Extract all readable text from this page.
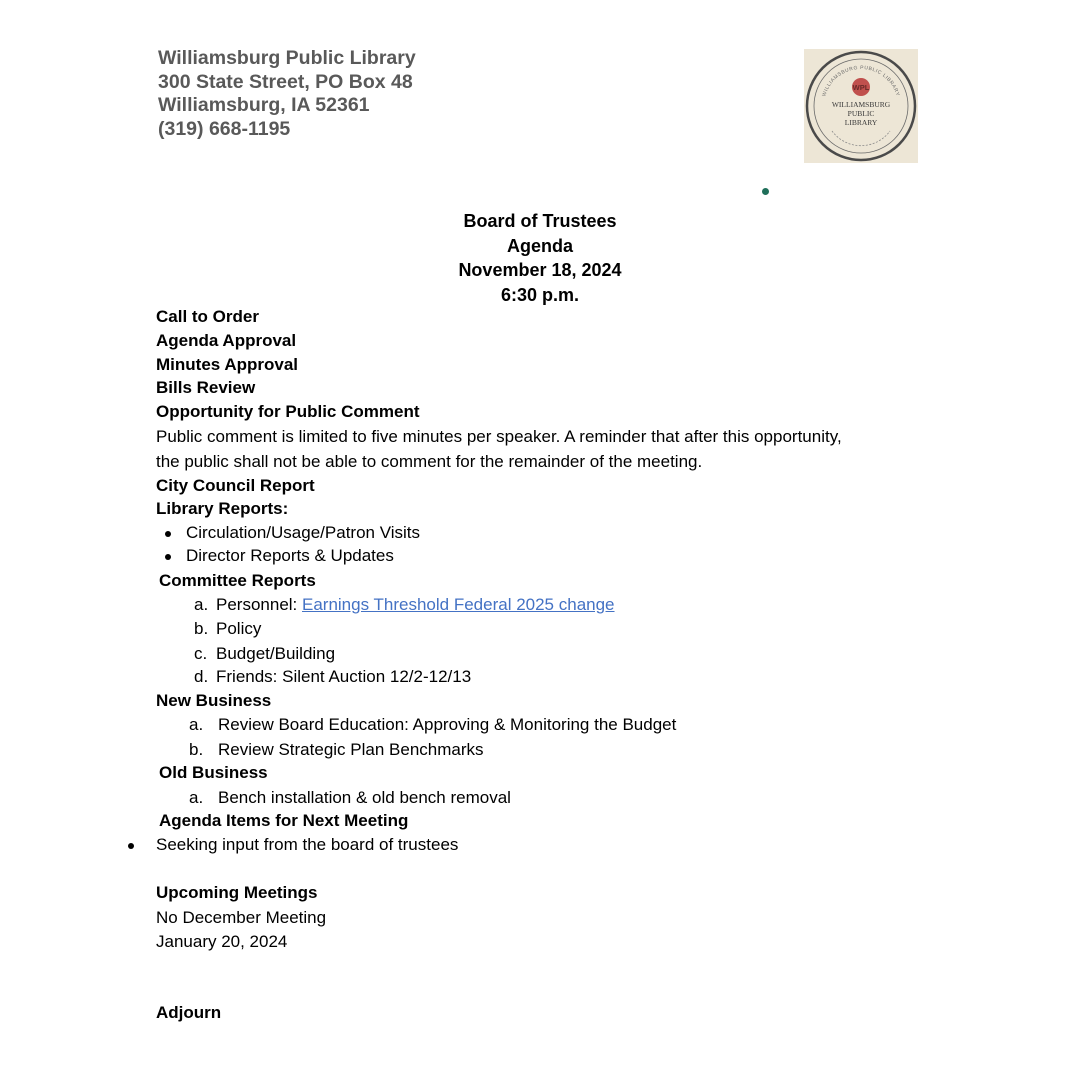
Williamsburg Public Library
300 State Street, PO Box 48
Williamsburg, IA 52361
(319) 668-1195
WILLIAMSBURG PUBLIC LIBRARY
WPL
WILLIAMSBURG
PUBLIC
LIBRARY
Board of Trustees
Agenda
November 18, 2024
6:30 p.m.
Call to Order
Agenda Approval
Minutes Approval
Bills Review
Opportunity for Public Comment
Public comment is limited to five minutes per speaker. A reminder that after this opportunity,
the public shall not be able to comment for the remainder of the meeting.
City Council Report
Library Reports:
Circulation/Usage/Patron Visits
Director Reports & Updates
Committee Reports
a. Personnel: Earnings Threshold Federal 2025 change
b. Policy
c. Budget/Building
d. Friends: Silent Auction 12/2-12/13
New Business
a. Review Board Education: Approving & Monitoring the Budget
b. Review Strategic Plan Benchmarks
Old Business
a. Bench installation & old bench removal
Agenda Items for Next Meeting
Seeking input from the board of trustees
Upcoming Meetings
No December Meeting
January 20, 2024
Adjourn
